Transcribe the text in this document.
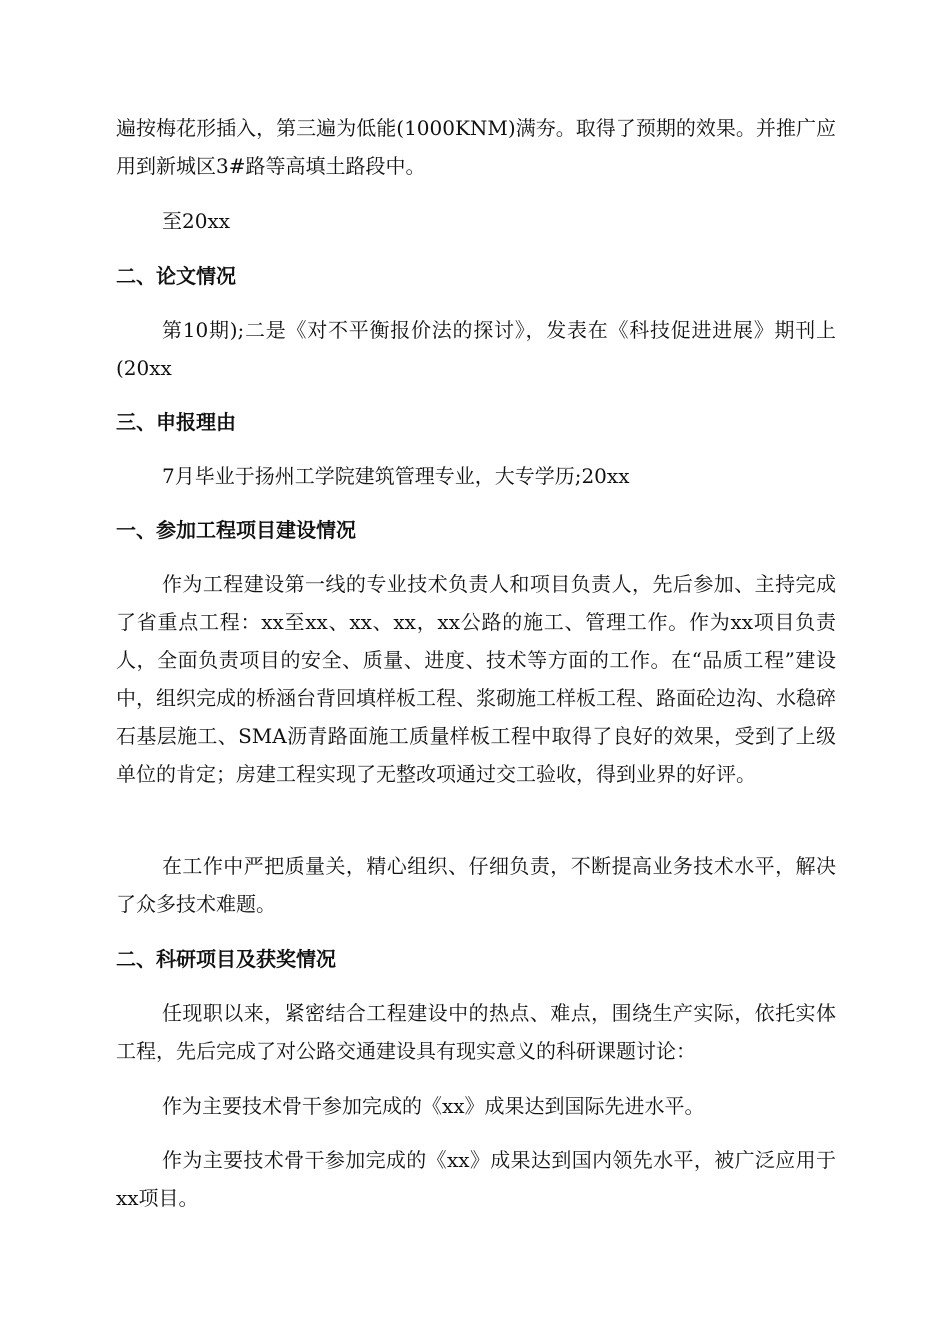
遍按梅花形插入，第三遍为低能(1000KNM)满夯。取得了预期的效果。并推广应用到新城区3#路等高填土路段中。

至20xx

二、论文情况

第10期);二是《对不平衡报价法的探讨》，发表在《科技促进进展》期刊上(20xx

三、申报理由

7月毕业于扬州工学院建筑管理专业，大专学历;20xx

一、参加工程项目建设情况

作为工程建设第一线的专业技术负责人和项目负责人，先后参加、主持完成了省重点工程：xx至xx、xx、xx，xx公路的施工、管理工作。作为xx项目负责人，全面负责项目的安全、质量、进度、技术等方面的工作。在“品质工程”建设中，组织完成的桥涵台背回填样板工程、浆砌施工样板工程、路面砼边沟、水稳碎石基层施工、SMA沥青路面施工质量样板工程中取得了良好的效果，受到了上级单位的肯定；房建工程实现了无整改项通过交工验收，得到业界的好评。

在工作中严把质量关，精心组织、仔细负责，不断提高业务技术水平，解决了众多技术难题。

二、科研项目及获奖情况

任现职以来，紧密结合工程建设中的热点、难点，围绕生产实际，依托实体工程，先后完成了对公路交通建设具有现实意义的科研课题讨论：

作为主要技术骨干参加完成的《xx》成果达到国际先进水平。

作为主要技术骨干参加完成的《xx》成果达到国内领先水平，被广泛应用于xx项目。
